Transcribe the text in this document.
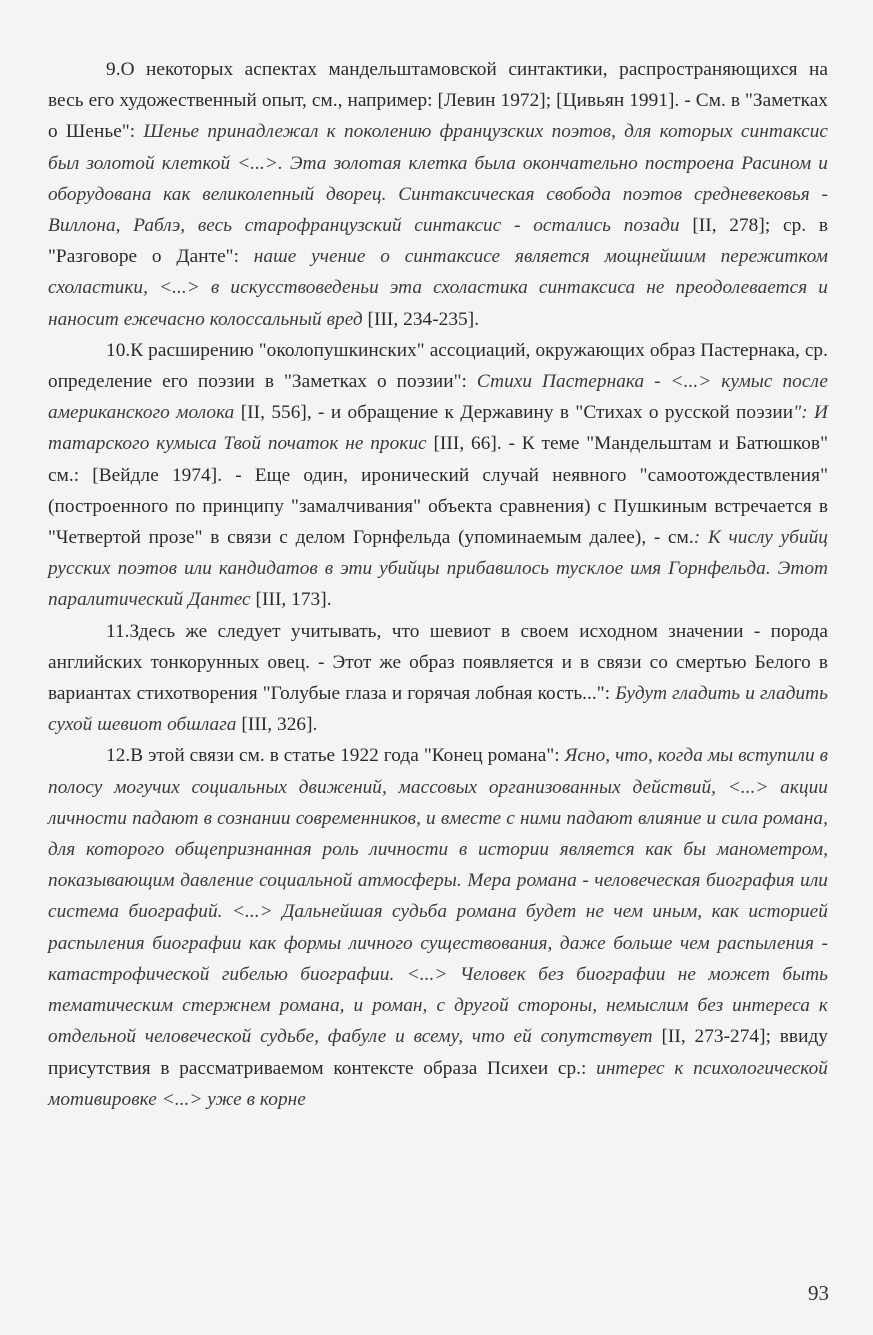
9.О некоторых аспектах мандельштамовской синтактики, распространяющихся на весь его художественный опыт, см., например: [Левин 1972]; [Цивьян 1991]. - См. в "Заметках о Шенье": Шенье принадлежал к поколению французских поэтов, для которых синтаксис был золотой клеткой <...>. Эта золотая клетка была окончательно построена Расином и оборудована как великолепный дворец. Синтаксическая свобода поэтов средневековья - Виллона, Раблэ, весь старофранцузский синтаксис - остались позади [II, 278]; ср. в "Разговоре о Данте": наше учение о синтаксисе является мощнейшим пережитком схоластики, <...> в искусствоведеньи эта схоластика синтаксиса не преодолевается и наносит ежечасно колоссальный вред [III, 234-235].

10.К расширению "околопушкинских" ассоциаций, окружающих образ Пастернака, ср. определение его поэзии в "Заметках о поэзии": Стихи Пастернака - <...> кумыс после американского молока [II, 556], - и обращение к Державину в "Стихах о русской поэзии": И татарского кумыса Твой початок не прокис [III, 66]. - К теме "Мандельштам и Батюшков" см.: [Вейдле 1974]. - Еще один, иронический случай неявного "самоотождествления" (построенного по принципу "замалчивания" объекта сравнения) с Пушкиным встречается в "Четвертой прозе" в связи с делом Горнфельда (упоминаемым далее), - см.: К числу убийц русских поэтов или кандидатов в эти убийцы прибавилось тусклое имя Горнфельда. Этот паралитический Дантес [III, 173].

11.Здесь же следует учитывать, что шевиот в своем исходном значении - порода английских тонкорунных овец. - Этот же образ появляется и в связи со смертью Белого в вариантах стихотворения "Голубые глаза и горячая лобная кость...": Будут гладить и гладить сухой шевиот обшлага [III, 326].

12.В этой связи см. в статье 1922 года "Конец романа": Ясно, что, когда мы вступили в полосу могучих социальных движений, массовых организованных действий, <...> акции личности падают в сознании современников, и вместе с ними падают влияние и сила романа, для которого общепризнанная роль личности в истории является как бы манометром, показывающим давление социальной атмосферы. Мера романа - человеческая биография или система биографий. <...> Дальнейшая судьба романа будет не чем иным, как историей распыления биографии как формы личного существования, даже больше чем распыления - катастрофической гибелью биографии. <...> Человек без биографии не может быть тематическим стержнем романа, и роман, с другой стороны, немыслим без интереса к отдельной человеческой судьбе, фабуле и всему, что ей сопутствует [II, 273-274]; ввиду присутствия в рассматриваемом контексте образа Психеи ср.: интерес к психологической мотивировке <...> уже в корне

93
